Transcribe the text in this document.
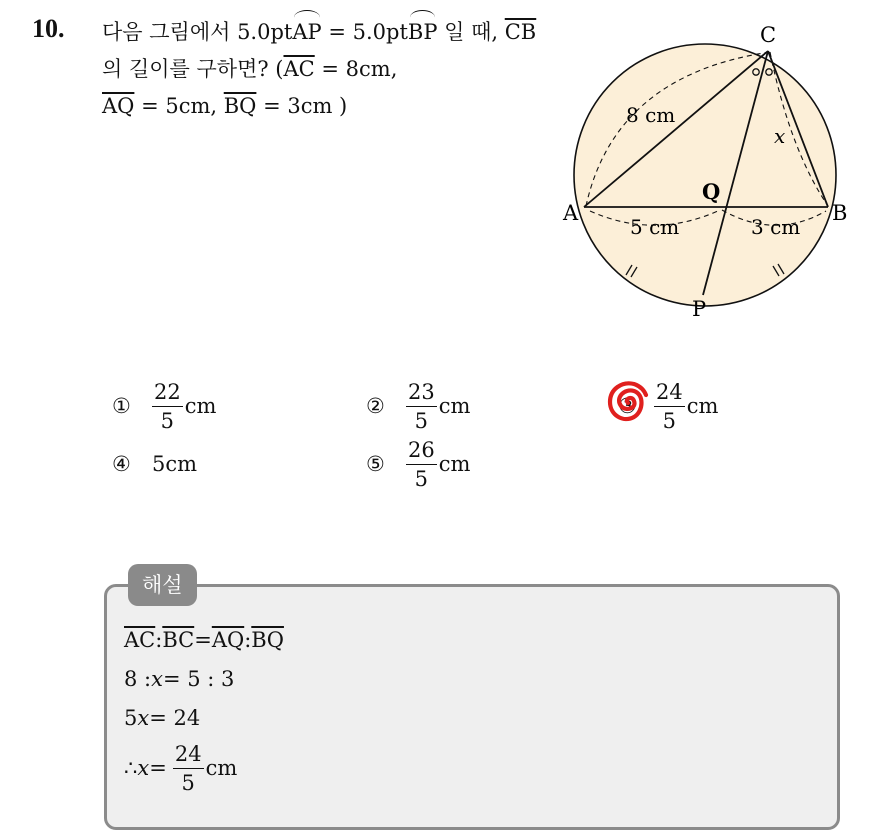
10. 다음 그림에서 5.0ptAP = 5.0ptBP 일 때, $\overline{CB}$ 의 길이를 구하면? ($\overline{AC} = 8cm$,
$\overline{AQ} = 5cm$, $\overline{BQ} = 3cm$ )
C
A	B
Q
P
8 cm
x
5 cm	3 cm
①	$\frac{22}{5}$ cm	②	$\frac{23}{5}$ cm	③ $\frac{24}{5}$ cm
④	5cm	⑤	$\frac{26}{5}$ cm
해설
$\overline{AC}$ : $\overline{BC} = \overline{AQ}$ : $\overline{BQ}$
8 : x = 5 : 3
5 x = 24
∴ $x = \frac{24}{5}$ cm
